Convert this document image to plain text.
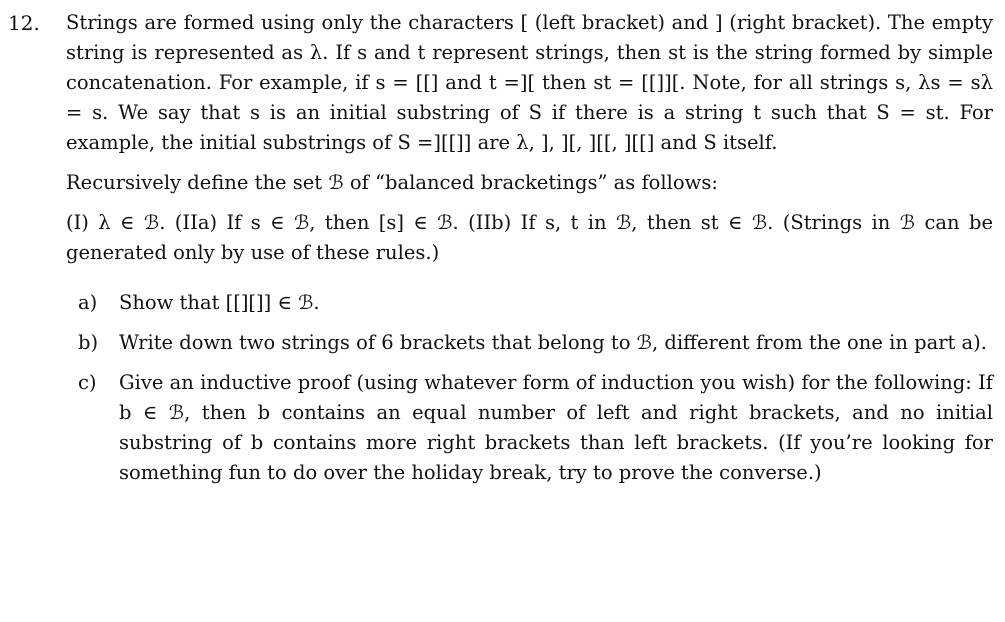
12. Strings are formed using only the characters [ (left bracket) and ] (right bracket). The empty string is represented as λ. If s and t represent strings, then st is the string formed by simple concatenation. For example, if s = [[] and t =][ then st = [[]][. Note, for all strings s, λs = sλ = s. We say that s is an initial substring of S if there is a string t such that S = st. For example, the initial substrings of S =][[]] are λ, ], ][, ][[, ][[] and S itself.
Recursively define the set ℬ of “balanced bracketings” as follows:
(I) λ ∈ ℬ. (IIa) If s ∈ ℬ, then [s] ∈ ℬ. (IIb) If s, t in ℬ, then st ∈ ℬ. (Strings in ℬ can be generated only by use of these rules.)
a) Show that [[][]] ∈ ℬ.
b) Write down two strings of 6 brackets that belong to ℬ, different from the one in part a).
c) Give an inductive proof (using whatever form of induction you wish) for the following: If b ∈ ℬ, then b contains an equal number of left and right brackets, and no initial substring of b contains more right brackets than left brackets. (If you’re looking for something fun to do over the holiday break, try to prove the converse.)
